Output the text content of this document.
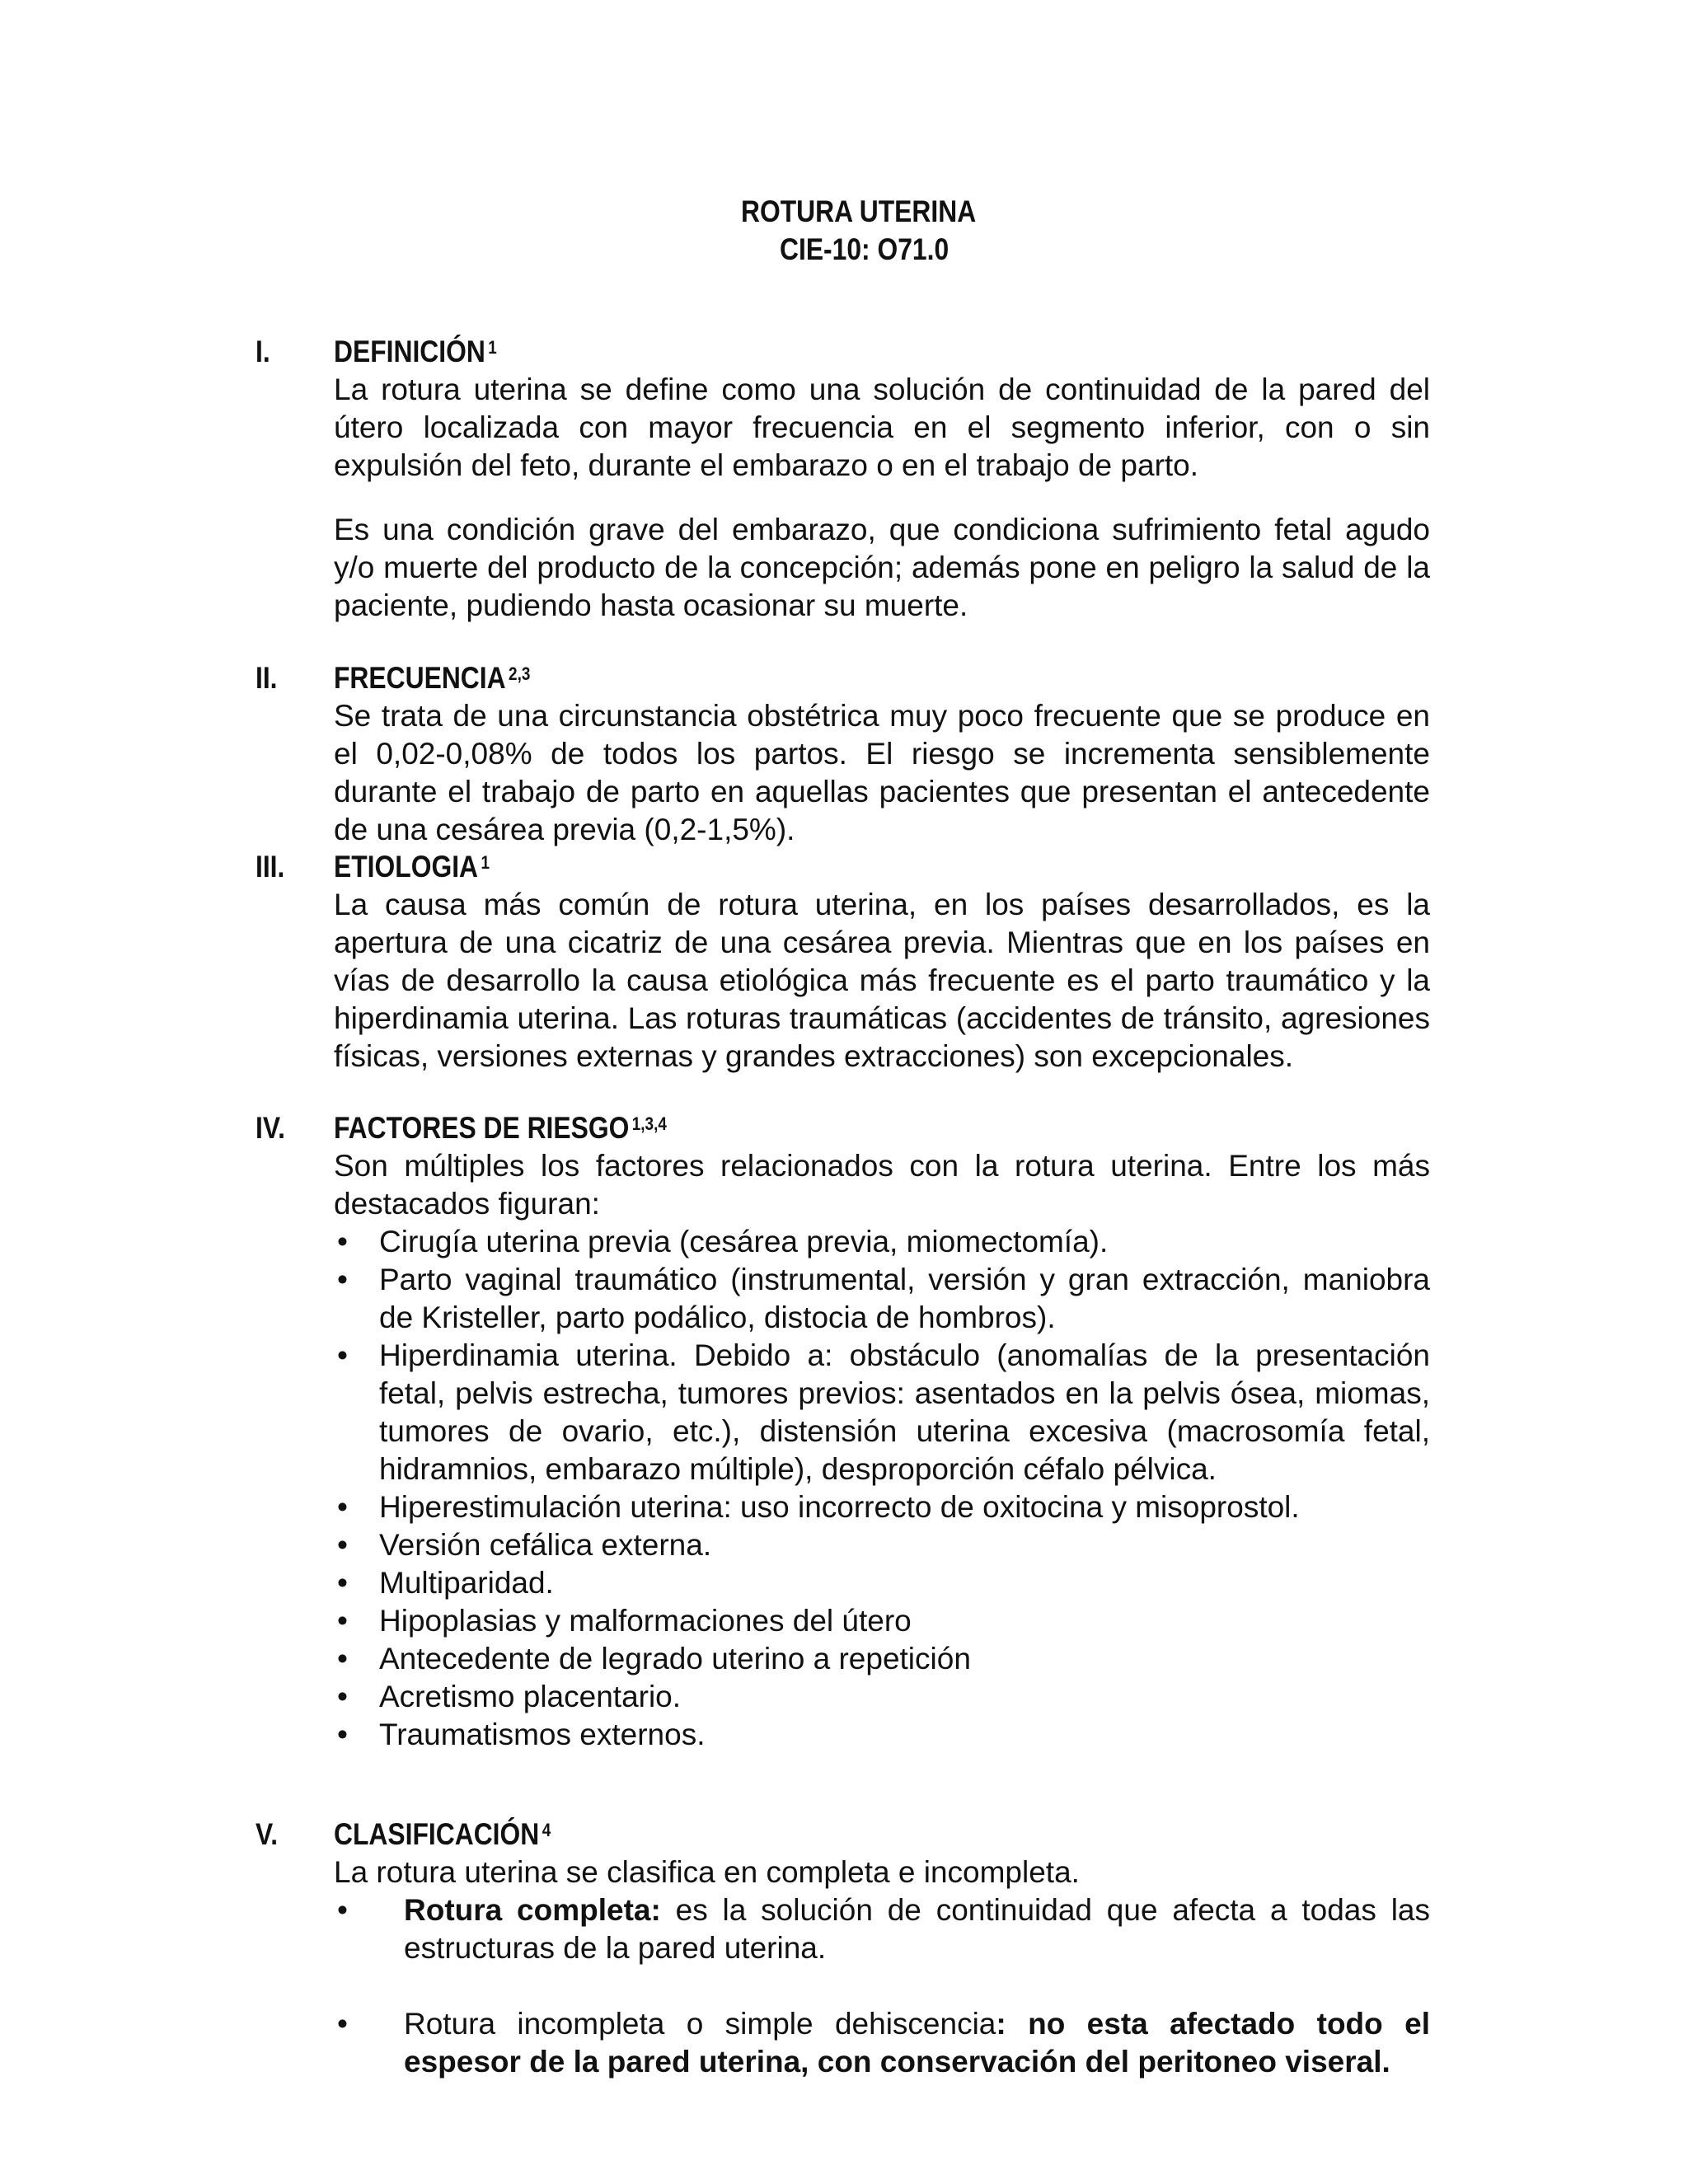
ROTURA UTERINA
CIE-10: O71.0
I. DEFINICIÓN $^1$

La rotura uterina se define como una solución de continuidad de la pared del útero localizada con mayor frecuencia en el segmento inferior, con o sin expulsión del feto, durante el embarazo o en el trabajo de parto.

Es una condición grave del embarazo, que condiciona sufrimiento fetal agudo y/o muerte del producto de la concepción; además pone en peligro la salud de la paciente, pudiendo hasta ocasionar su muerte.

II. FRECUENCIA $^{2,3}$

Se trata de una circunstancia obstétrica muy poco frecuente que se produce en el 0,02-0,08% de todos los partos. El riesgo se incrementa sensiblemente durante el trabajo de parto en aquellas pacientes que presentan el antecedente de una cesárea previa (0,2-1,5%).

III. ETIOLOGIA $^1$

La causa más común de rotura uterina, en los países desarrollados, es la apertura de una cicatriz de una cesárea previa. Mientras que en los países en vías de desarrollo la causa etiológica más frecuente es el parto traumático y la hiperdinamia uterina. Las roturas traumáticas (accidentes de tránsito, agresiones físicas, versiones externas y grandes extracciones) son excepcionales.

IV. FACTORES DE RIESGO $^{1,3,4}$

Son múltiples los factores relacionados con la rotura uterina. Entre los más destacados figuran:

• Cirugía uterina previa (cesárea previa, miomectomía).
• Parto vaginal traumático (instrumental, versión y gran extracción, maniobra de Kristeller, parto podálico, distocia de hombros).
• Hiperdinamia uterina. Debido a: obstáculo (anomalías de la presentación fetal, pelvis estrecha, tumores previos: asentados en la pelvis ósea, miomas, tumores de ovario, etc.), distensión uterina excesiva (macrosomía fetal, hidramnios, embarazo múltiple), desproporción céfalo pélvica.
• Hiperestimulación uterina: uso incorrecto de oxitocina y misoprostol.
• Versión cefálica externa.
• Multiparidad.
• Hipoplasias y malformaciones del útero
• Antecedente de legrado uterino a repetición
• Acretismo placentario.
• Traumatismos externos.
V. CLASIFICACIÓN $^4$

La rotura uterina se clasifica en completa e incompleta.

• Rotura completa: es la solución de continuidad que afecta a todas las estructuras de la pared uterina.
• Rotura incompleta o simple dehiscencia: no esta afectado todo el espesor de la pared uterina, con conservación del peritoneo viseral.
